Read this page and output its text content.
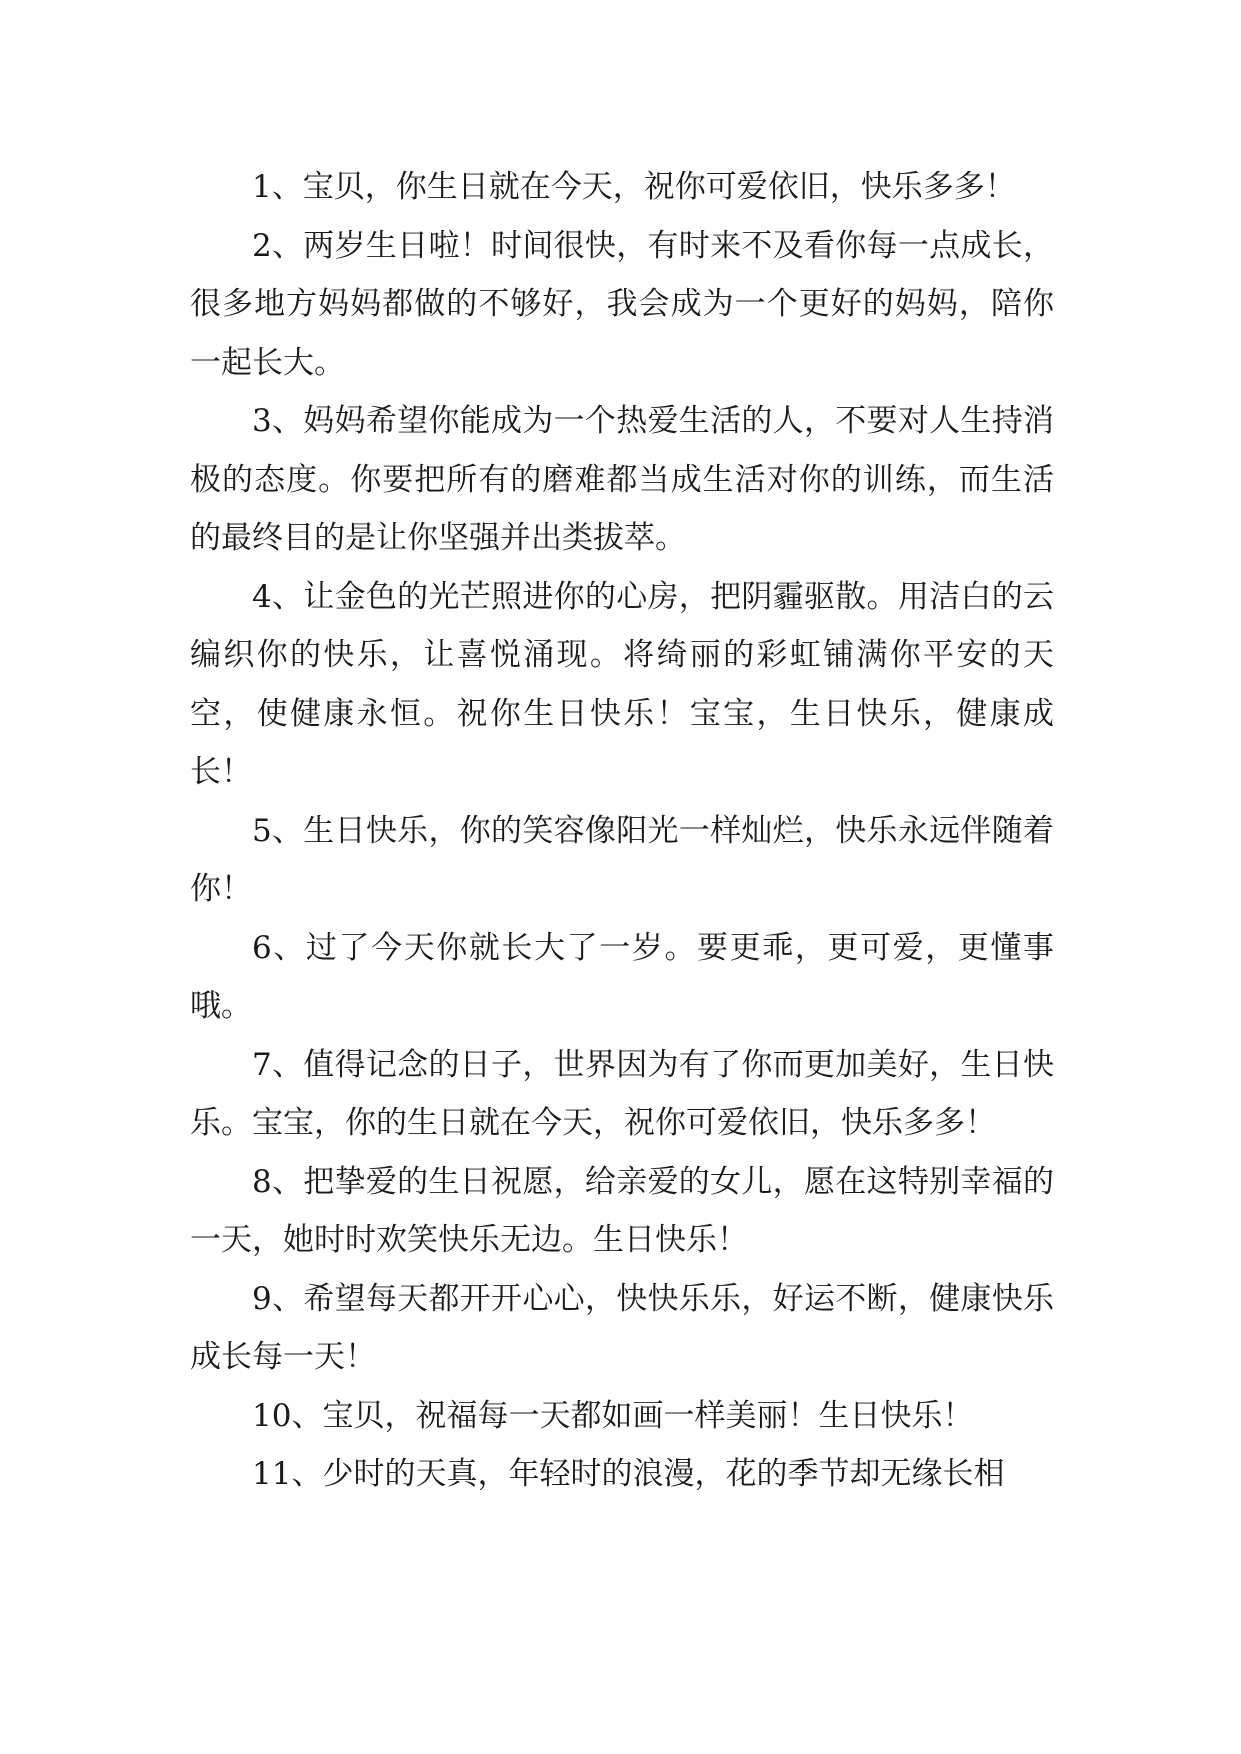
1、宝贝，你生日就在今天，祝你可爱依旧，快乐多多！

2、两岁生日啦！时间很快，有时来不及看你每一点成长，很多地方妈妈都做的不够好，我会成为一个更好的妈妈，陪你一起长大。

3、妈妈希望你能成为一个热爱生活的人，不要对人生持消极的态度。你要把所有的磨难都当成生活对你的训练，而生活的最终目的是让你坚强并出类拔萃。

4、让金色的光芒照进你的心房，把阴霾驱散。用洁白的云编织你的快乐，让喜悦涌现。将绮丽的彩虹铺满你平安的天空，使健康永恒。祝你生日快乐！宝宝，生日快乐，健康成长！

5、生日快乐，你的笑容像阳光一样灿烂，快乐永远伴随着你！

6、过了今天你就长大了一岁。要更乖，更可爱，更懂事哦。

7、值得记念的日子，世界因为有了你而更加美好，生日快乐。宝宝，你的生日就在今天，祝你可爱依旧，快乐多多！

8、把挚爱的生日祝愿，给亲爱的女儿，愿在这特别幸福的一天，她时时欢笑快乐无边。生日快乐！

9、希望每天都开开心心，快快乐乐，好运不断，健康快乐成长每一天！

10、宝贝，祝福每一天都如画一样美丽！生日快乐！

11、少时的天真，年轻时的浪漫，花的季节却无缘长相
